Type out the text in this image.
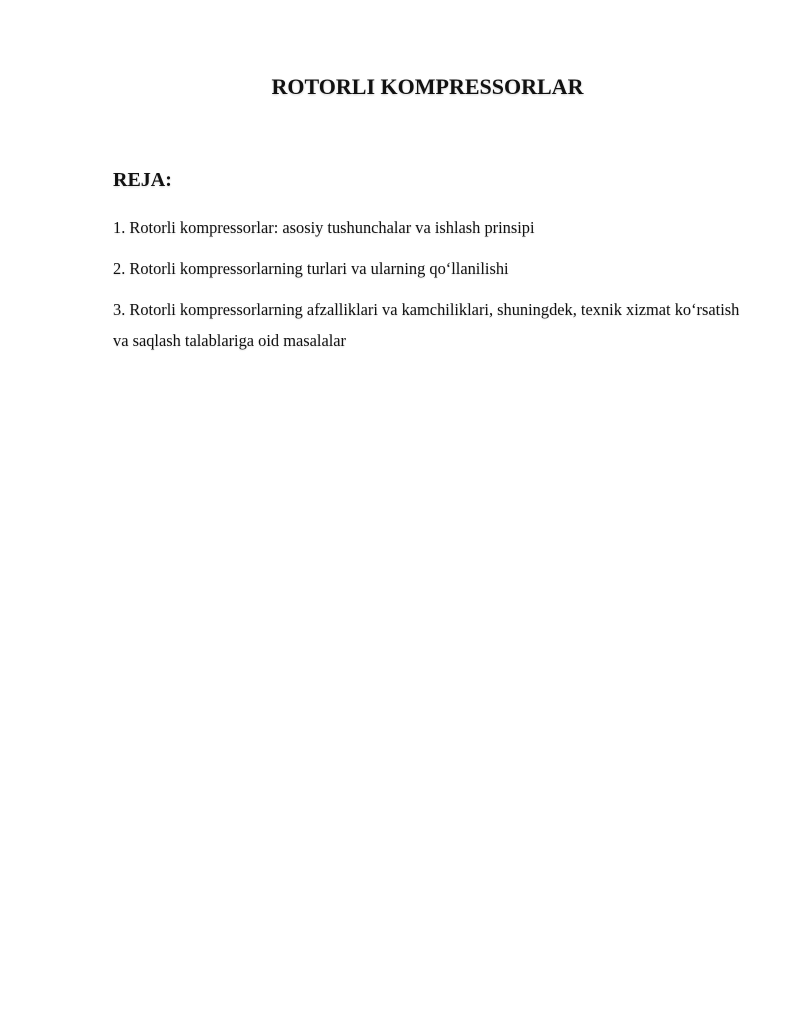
ROTORLI KOMPRESSORLAR
REJA:
1. Rotorli kompressorlar: asosiy tushunchalar va ishlash prinsipi
2. Rotorli kompressorlarning turlari va ularning qo‘llanilishi
3. Rotorli kompressorlarning afzalliklari va kamchiliklari, shuningdek, texnik xizmat ko‘rsatish va saqlash talablariga oid masalalar
